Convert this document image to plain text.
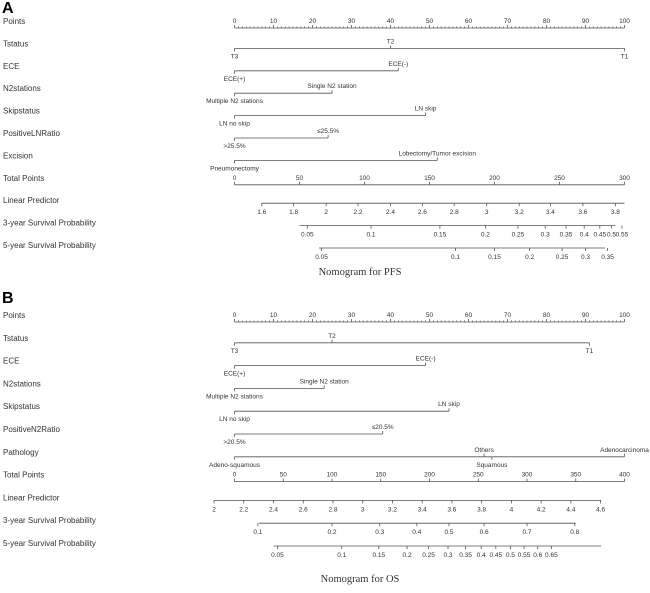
A
Nomogram for PFS
Points	0	10	20	30	40	50	60	70	80	90	100
Tstatus
T3
T2
T1
ECE
ECE(+)
ECE(-)
N2stations
Multiple N2 stations
Single N2 station
Skipstatus
LN no skip
LN skip
PositiveLNRatio
>25.5%
≤25.5%
Excision
Pneumonectomy
Lobectomy/Tumor excision
Total Points	0	50	100	150	200	250	300
Linear Predictor
1.6	1.8	2	2.2	2.4	2.6	2.8	3	3.2	3.4	3.6	3.8
3-year Survival Probability
0.05	0.1	0.15	0.2	0.25	0.3 0.35 0.4 0.45 0.5 0.55
5-year Survival Probability
0.05	0.1	0.15	0.2	0.25 0.3 0.35
B
Nomogram for OS
Points	0	10	20	30	40	50	60	70	80	90	100
Tstatus
T3
T2
T1
ECE
ECE(+)
ECE(-)
N2stations
Multiple N2 stations
Single N2 station
Skipstatus
LN no skip
LN skip
PositiveN2Ratio
>20.5%
≤20.5%
Pathology
Adeno-squamous
Others
Squamous
Adenocarcinoma
Total Points	0	50	100	150	200	250	300	350	400
Linear Predictor
2	2.2	2.4	2.6	2.8	3	3.2	3.4	3.6	3.8	4	4.2	4.4	4.6
3-year Survival Probability
0.1	0.2	0.3	0.4	0.5	0.6	0.7	0.8
5-year Survival Probability
0.05	0.1	0.15	0.2 0.25 0.3 0.35 0.4 0.45 0.5 0.55 0.6 0.65
